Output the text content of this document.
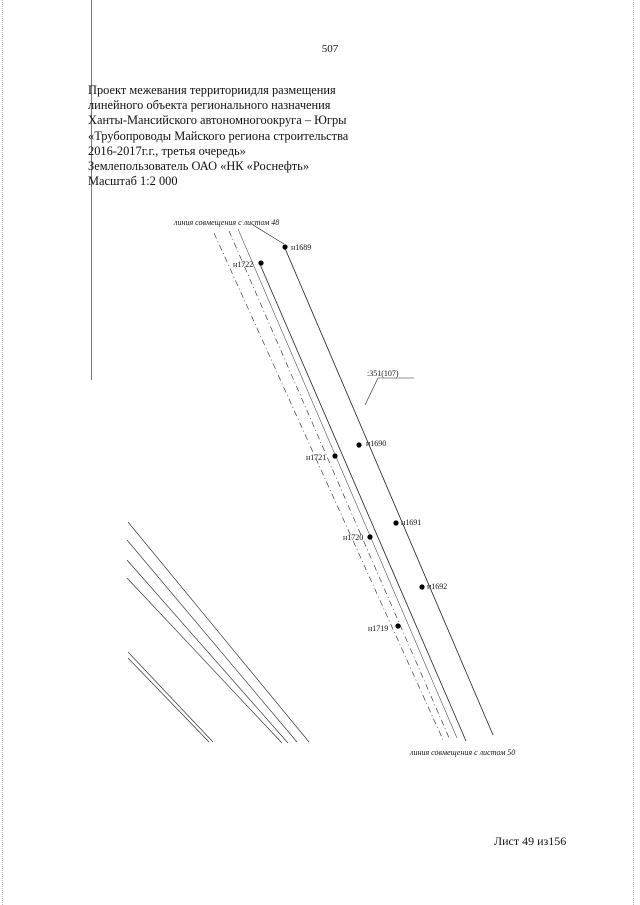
507
Проект межевания территориидля размещения
линейного объекта регионального назначения
Ханты-Мансийского автономногоокруга – Югры
«Трубопроводы Майского региона строительства
2016-2017г.г., третья очередь»
Землепользователь ОАО «НК «Роснефть»
Масштаб 1:2 000
линия совмещения с листом 48
линия совмещения с листом 50
:351(107)
н1689
н1722
н1690
н1721
н1691
н1720
н1692
н1719
Лист 49 из156
